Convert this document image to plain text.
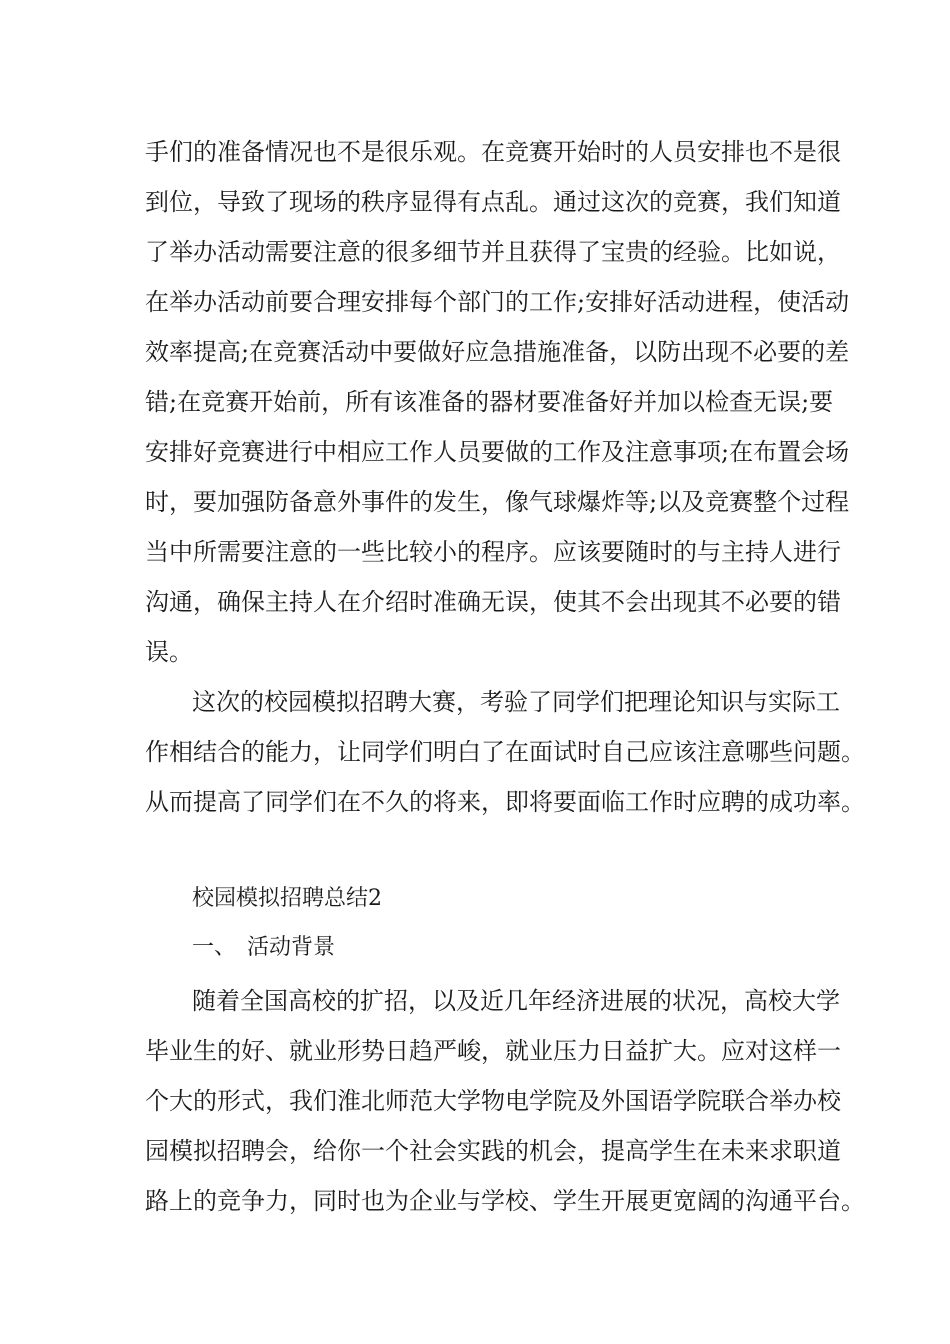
手们的准备情况也不是很乐观。在竞赛开始时的人员安排也不是很
到位，导致了现场的秩序显得有点乱。通过这次的竞赛，我们知道
了举办活动需要注意的很多细节并且获得了宝贵的经验。比如说，
在举办活动前要合理安排每个部门的工作;安排好活动进程，使活动
效率提高;在竞赛活动中要做好应急措施准备，以防出现不必要的差
错;在竞赛开始前，所有该准备的器材要准备好并加以检查无误;要
安排好竞赛进行中相应工作人员要做的工作及注意事项;在布置会场
时，要加强防备意外事件的发生，像气球爆炸等;以及竞赛整个过程
当中所需要注意的一些比较小的程序。应该要随时的与主持人进行
沟通，确保主持人在介绍时准确无误，使其不会出现其不必要的错
误。
这次的校园模拟招聘大赛，考验了同学们把理论知识与实际工
作相结合的能力，让同学们明白了在面试时自己应该注意哪些问题。
从而提高了同学们在不久的将来，即将要面临工作时应聘的成功率。
校园模拟招聘总结2
一、　活动背景
随着全国高校的扩招，以及近几年经济进展的状况，高校大学
毕业生的好、就业形势日趋严峻，就业压力日益扩大。应对这样一
个大的形式，我们淮北师范大学物电学院及外国语学院联合举办校
园模拟招聘会，给你一个社会实践的机会，提高学生在未来求职道
路上的竞争力，同时也为企业与学校、学生开展更宽阔的沟通平台。
